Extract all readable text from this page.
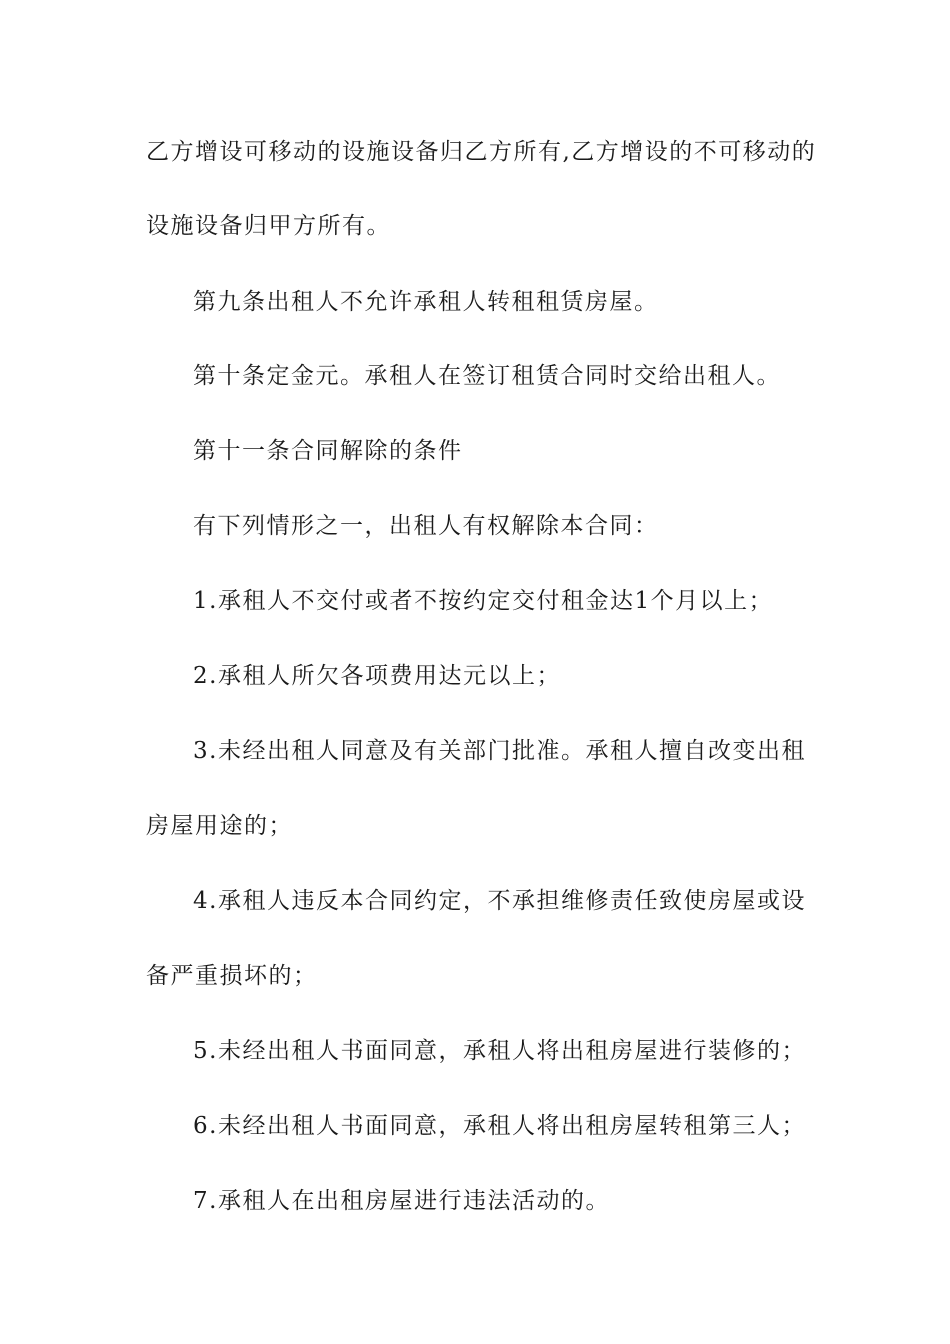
乙方增设可移动的设施设备归乙方所有,乙方增设的不可移动的
设施设备归甲方所有。
第九条出租人不允许承租人转租租赁房屋。
第十条定金元。承租人在签订租赁合同时交给出租人。
第十一条合同解除的条件
有下列情形之一，出租人有权解除本合同：
1.承租人不交付或者不按约定交付租金达1个月以上；
2.承租人所欠各项费用达元以上；
3.未经出租人同意及有关部门批准。承租人擅自改变出租
房屋用途的；
4.承租人违反本合同约定，不承担维修责任致使房屋或设
备严重损坏的；
5.未经出租人书面同意，承租人将出租房屋进行装修的；
6.未经出租人书面同意，承租人将出租房屋转租第三人；
7.承租人在出租房屋进行违法活动的。
